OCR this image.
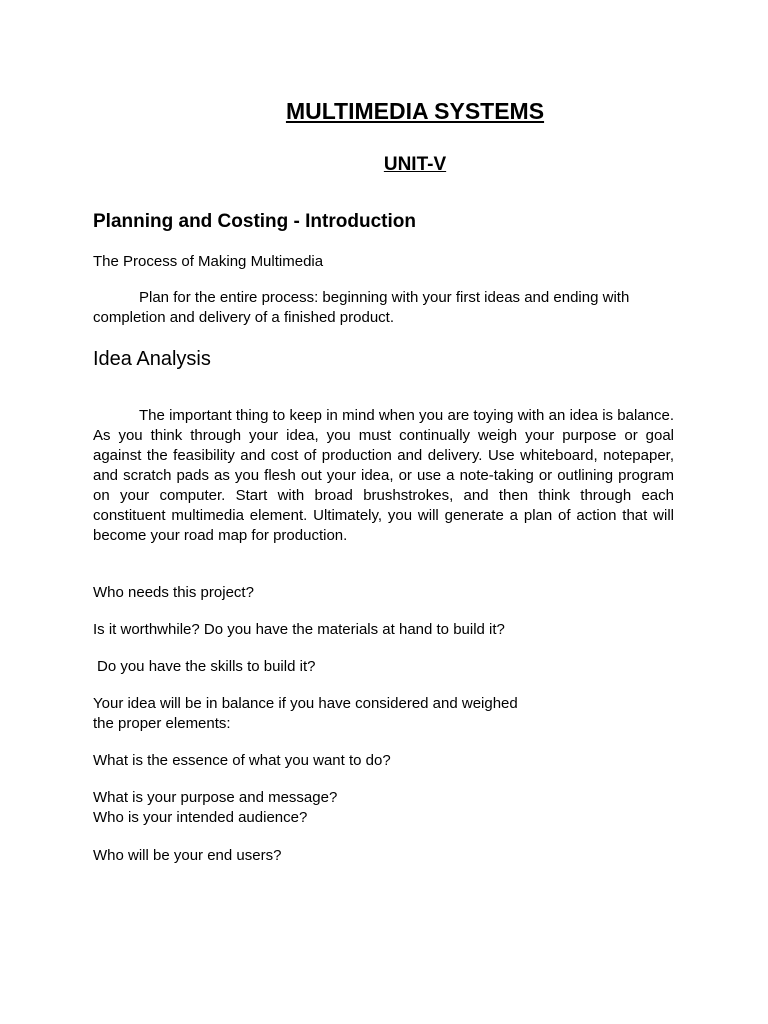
MULTIMEDIA SYSTEMS
UNIT-V
Planning and Costing - Introduction

The Process of Making Multimedia

Plan for the entire process: beginning with your first ideas and ending with completion and delivery of a finished product.

Idea Analysis

The important thing to keep in mind when you are toying with an idea is balance. As you think through your idea, you must continually weigh your purpose or goal against the feasibility and cost of production and delivery. Use whiteboard, notepaper, and scratch pads as you flesh out your idea, or use a note-taking or outlining program on your computer. Start with broad brushstrokes, and then think through each constituent multimedia element. Ultimately, you will generate a plan of action that will become your road map for production.

Who needs this project?

Is it worthwhile? Do you have the materials at hand to build it?

Do you have the skills to build it?

Your idea will be in balance if you have considered and weighed
the proper elements:

What is the essence of what you want to do?

What is your purpose and message?

Who is your intended audience?

Who will be your end users?
